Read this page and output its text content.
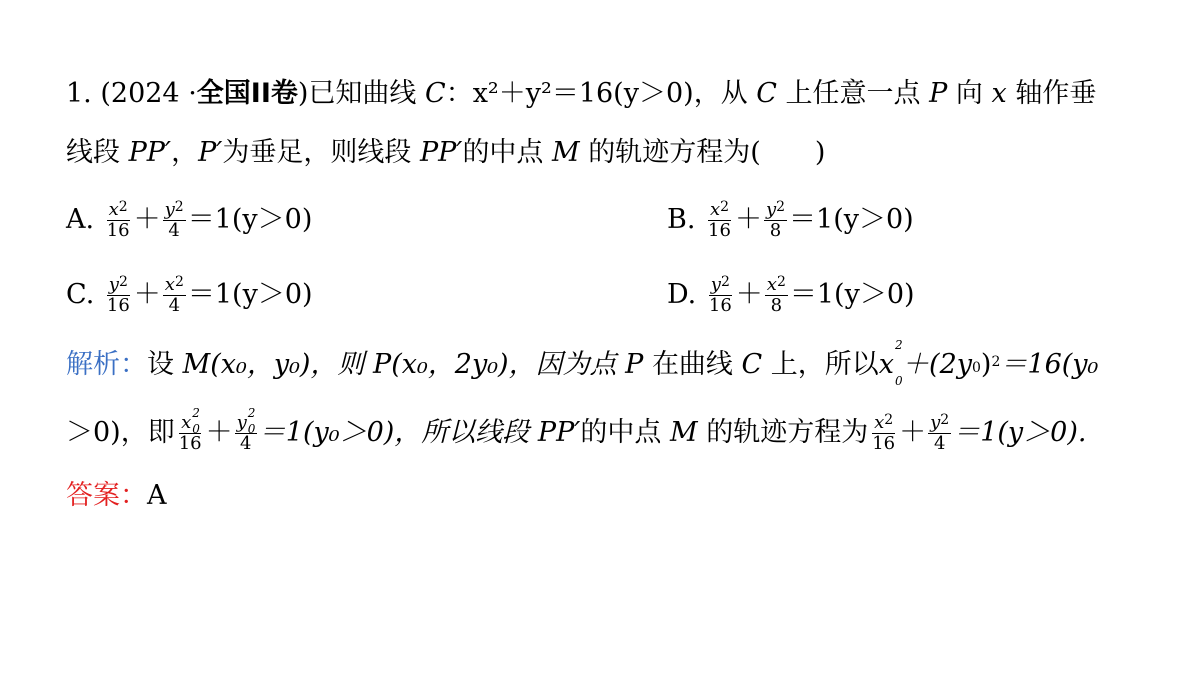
1. (2024 ·全国II卷)已知曲线 C：x²＋y²＝16(y＞0)，从 C 上任意一点 P 向 x 轴作垂
线段 PP′，P′为垂足，则线段 PP′的中点 M 的轨迹方程为(　　)
A. $\frac{x^2}{16} + \frac{y^2}{4} =1(y>0)$	B. $\frac{x^2}{16} + \frac{y^2}{8} =1(y>0)$
C. $\frac{y^2}{16} + \frac{x^2}{4} =1(y>0)$	D. $\frac{y^2}{16} + \frac{x^2}{8} =1(y>0)$
解析：设 M(x₀，y₀)，则 P(x₀，2y₀)，因为点 P 在曲线 C 上，所以x
2
0
$+(2y_0)^2=16(y_0$
＞0)，即 x 2
0
16 ＋ y 2
0
4 ＝1(y₀＞0)，所以线段 PP′的中点 M 的轨迹方程为 $\frac{x^2}{16} + \frac{y^2}{4} =1(y>0)$.
答案：A
